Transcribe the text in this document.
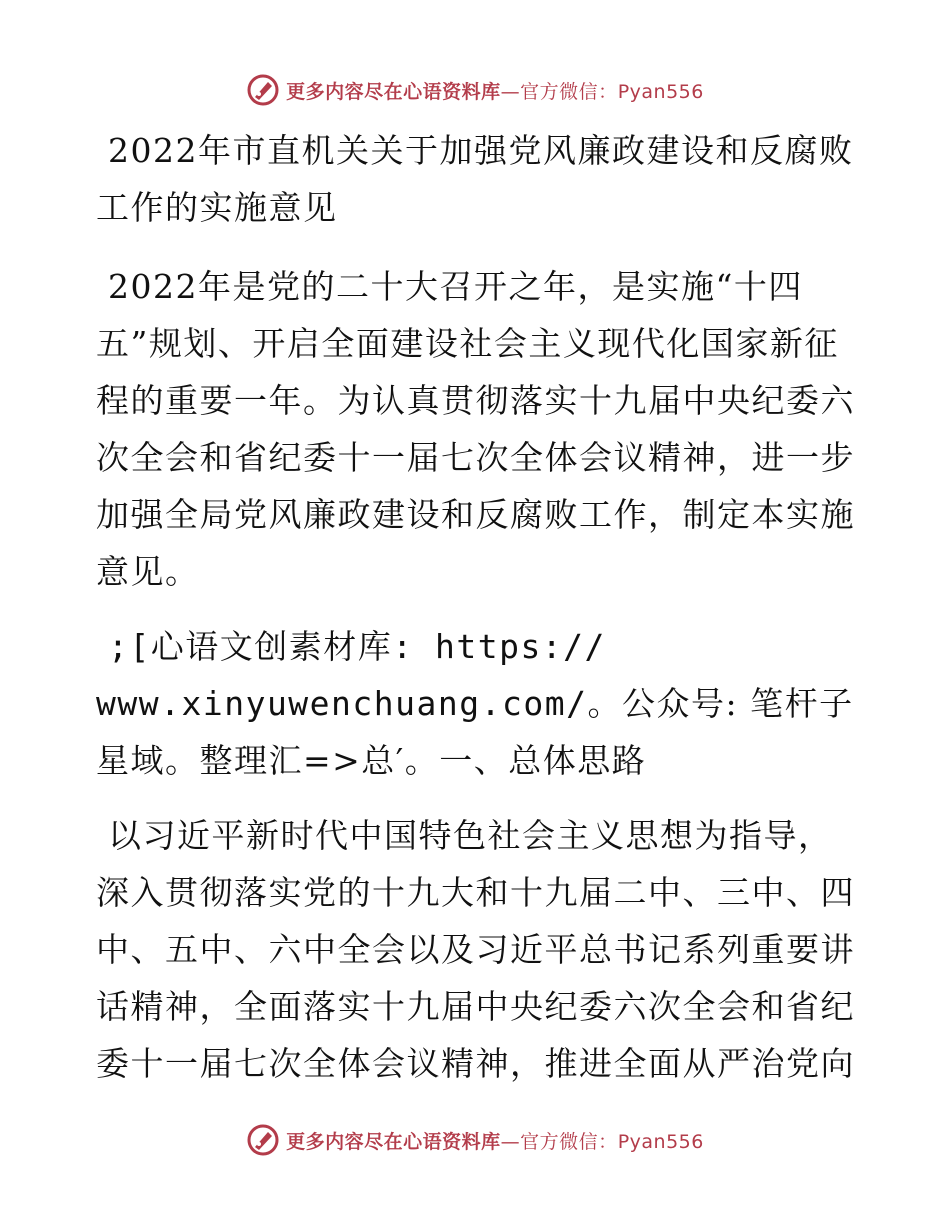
更多内容尽在心语资料库—官方微信：Pyan556

2022年市直机关关于加强党风廉政建设和反腐败工作的实施意见

2022年是党的二十大召开之年，是实施“十四五”规划、开启全面建设社会主义现代化国家新征程的重要一年。为认真贯彻落实十九届中央纪委六次全会和省纪委十一届七次全体会议精神，进一步加强全局党风廉政建设和反腐败工作，制定本实施意见。

;[心语文创素材库: https://
www.xinyuwenchuang.com/。公众号: 笔杆子星域。整理汇=>总′。一、总体思路

以习近平新时代中国特色社会主义思想为指导，深入贯彻落实党的十九大和十九届二中、三中、四中、五中、六中全会以及习近平总书记系列重要讲话精神，全面落实十九届中央纪委六次全会和省纪委十一届七次全体会议精神，推进全面从严治党向

更多内容尽在心语资料库—官方微信：Pyan556
